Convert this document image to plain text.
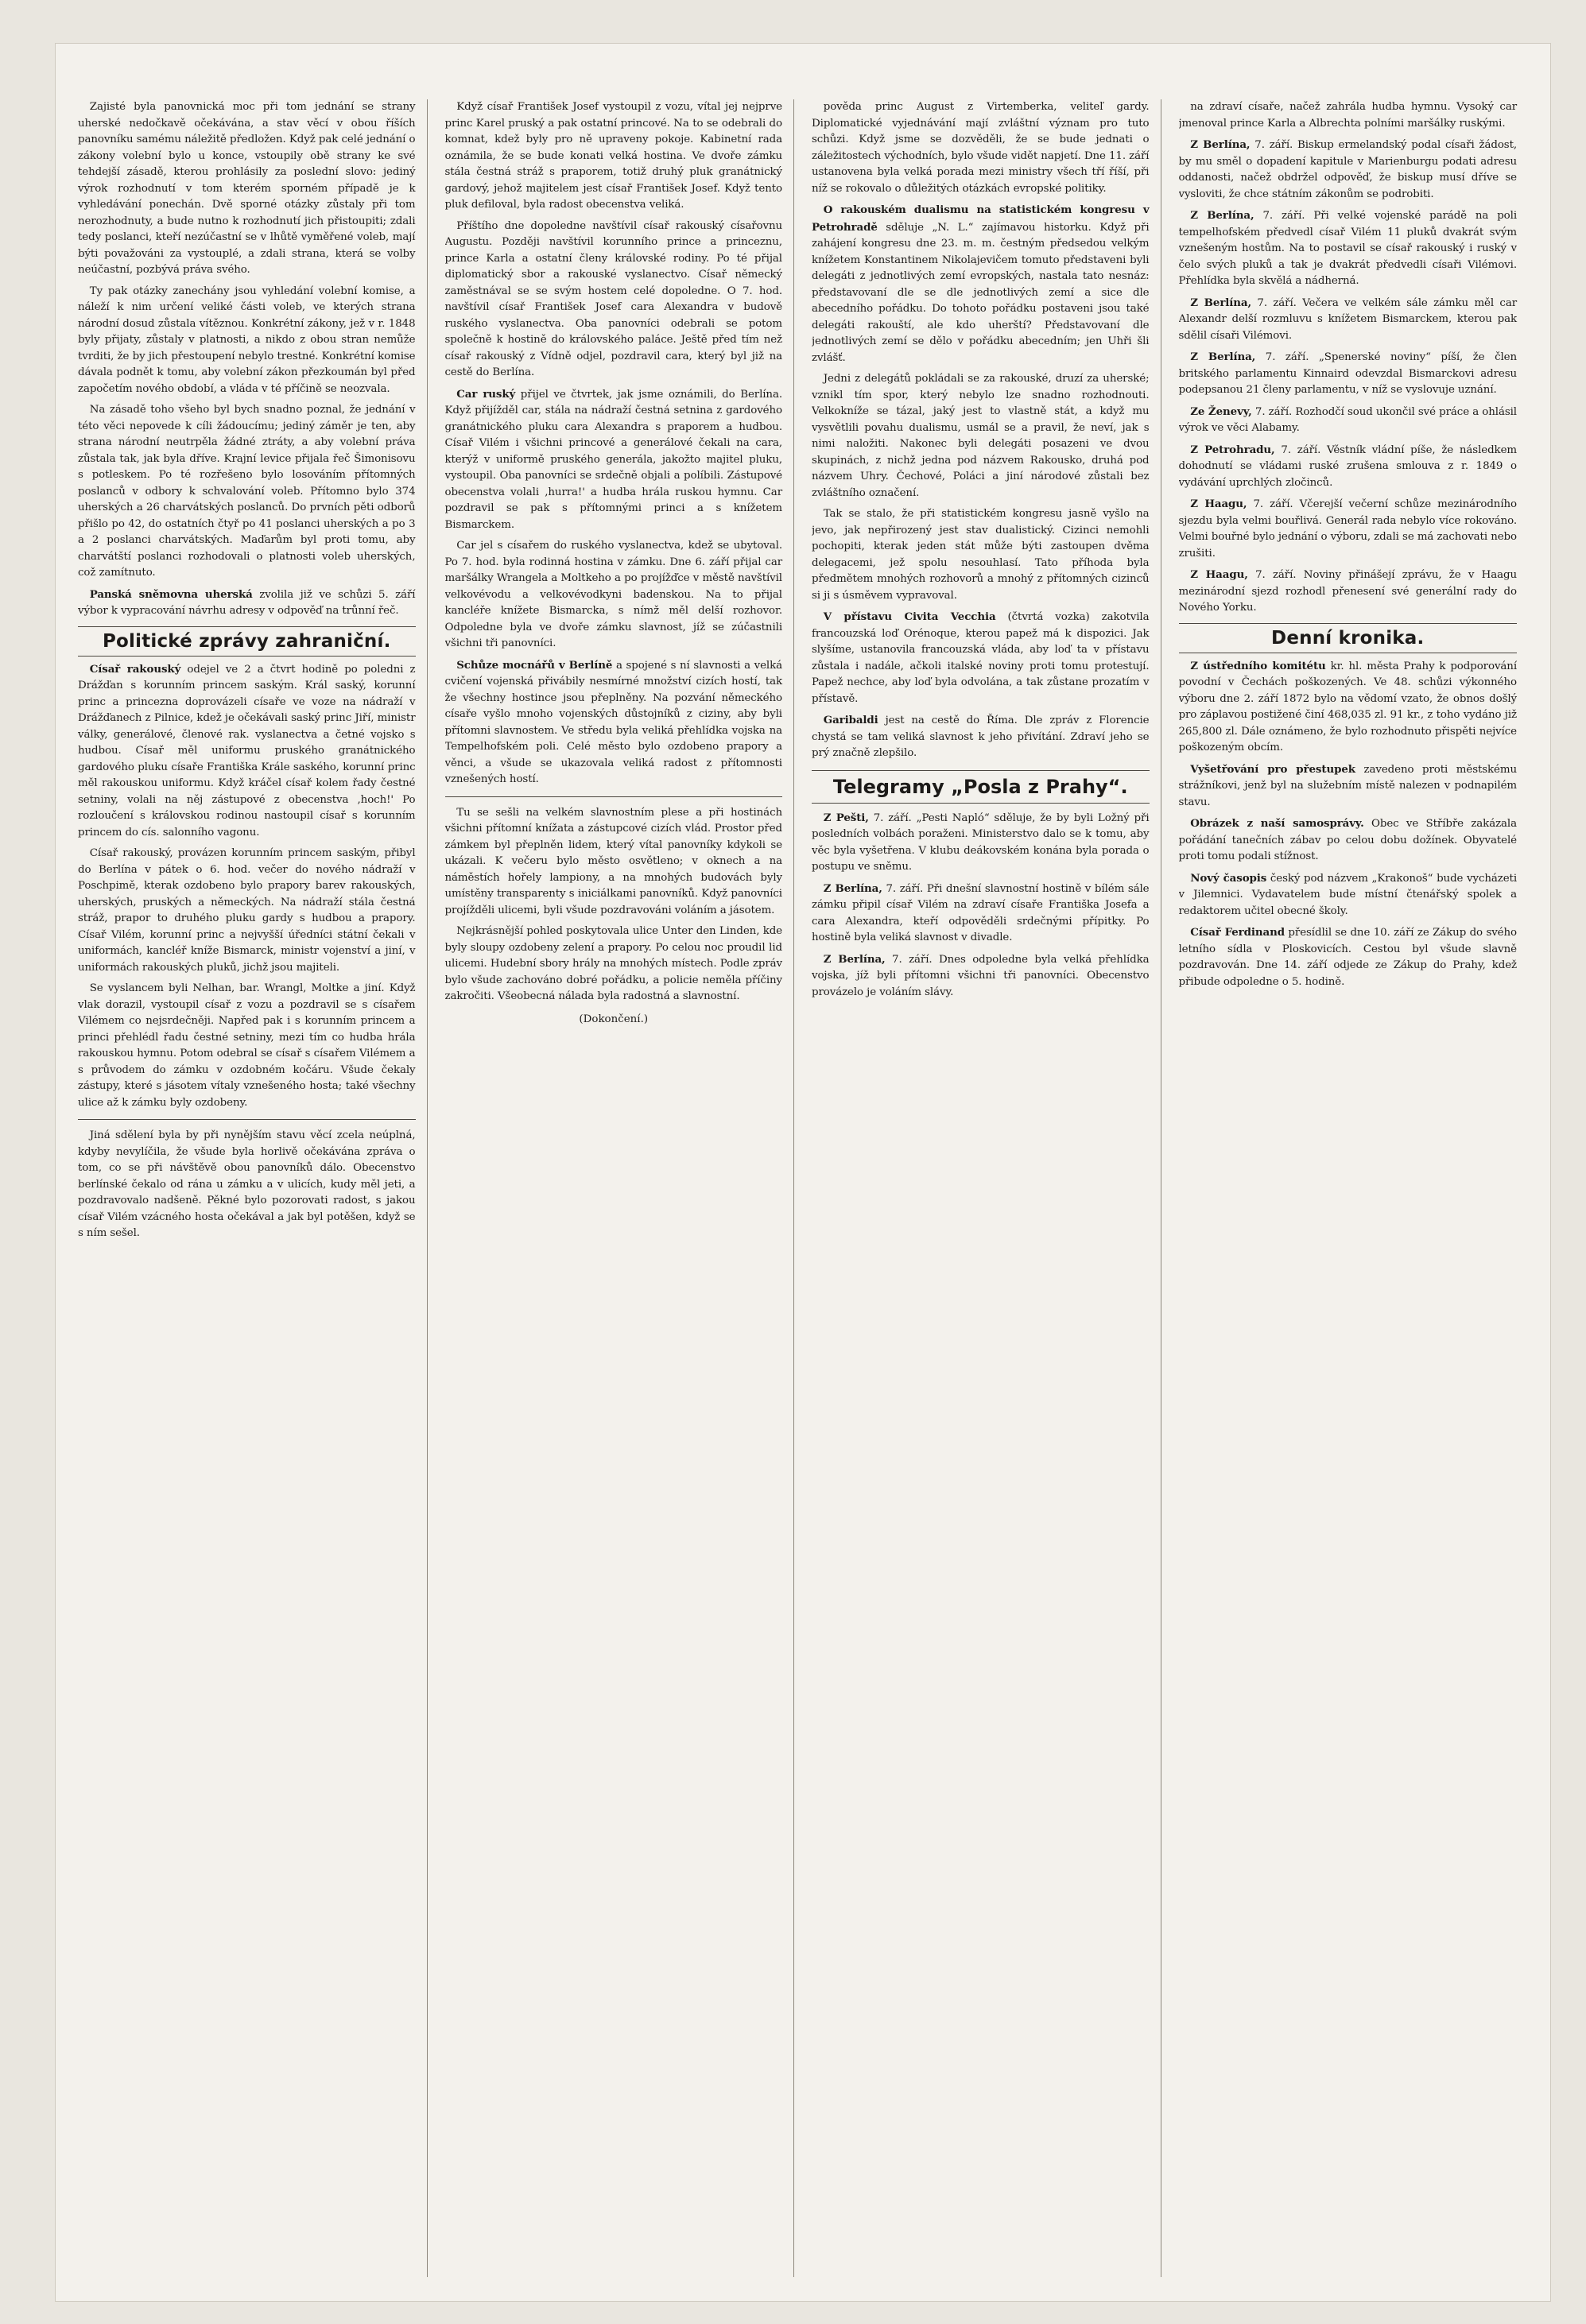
Zajisté byla panovnická moc při tom jednání se strany uherské nedočkavě očekávána, a stav věcí v obou říších panovníku samému náležitě předložen. Když pak celé jednání o zákony volební bylo u konce, vstoupily obě strany ke své tehdejší zásadě, kterou prohlásily za poslední slovo: jediný výrok rozhodnutí v tom kterém sporném případě je k vyhledávání ponechán. Dvě sporné otázky zůstaly při tom nerozhodnuty, a bude nutno k rozhodnutí jich přistoupiti; zdali tedy poslanci, kteří nezúčastní se v lhůtě vyměřené voleb, mají býti považováni za vystouplé, a zdali strana, která se volby neúčastní, pozbývá práva svého.

Ty pak otázky zanechány jsou vyhledání volební komise, a náleží k nim určení veliké části voleb, ve kterých strana národní dosud zůstala vítěznou. Konkrétní zákony, jež v r. 1848 byly přijaty, zůstaly v platnosti, a nikdo z obou stran nemůže tvrditi, že by jich přestoupení nebylo trestné. Konkrétní komise dávala podnět k tomu, aby volební zákon přezkoumán byl před započetím nového období, a vláda v té příčině se neozvala.

Na zásadě toho všeho byl bych snadno poznal, že jednání v této věci nepovede k cíli žádoucímu; jediný záměr je ten, aby strana národní neutrpěla žádné ztráty, a aby volební práva zůstala tak, jak byla dříve. Krajní levice přijala řeč Šimonisovu s potleskem. Po té rozřešeno bylo losováním přítomných poslanců v odbory k schvalování voleb. Přítomno bylo 374 uherských a 26 charvátských poslanců. Do prvních pěti odborů přišlo po 42, do ostatních čtyř po 41 poslanci uherských a po 3 a 2 poslanci charvátských. Maďarům byl proti tomu, aby charvátští poslanci rozhodovali o platnosti voleb uherských, což zamítnuto.

Panská sněmovna uherská zvolila již ve schůzi 5. září výbor k vypracování návrhu adresy v odpověď na trůnní řeč.

Politické zprávy zahraniční.

Císař rakouský odejel ve 2 a čtvrt hodině po poledni z Drážďan s korunním princem saským. Král saský, korunní princ a princezna doprovázeli císaře ve voze na nádraží v Drážďanech z Pilnice, kdež je očekávali saský princ Jiří, ministr války, generálové, členové rak. vyslanectva a četné vojsko s hudbou. Císař měl uniformu pruského granátnického gardového pluku císaře Františka Krále saského, korunní princ měl rakouskou uniformu. Když kráčel císař kolem řady čestné setniny, volali na něj zástupové z obecenstva ,hoch!' Po rozloučení s královskou rodinou nastoupil císař s korunním princem do cís. salonního vagonu.

Císař rakouský, provázen korunním princem saským, přibyl do Berlína v pátek o 6. hod. večer do nového nádraží v Poschpimě, kterak ozdobeno bylo prapory barev rakouských, uherských, pruských a německých. Na nádraží stála čestná stráž, prapor to druhého pluku gardy s hudbou a prapory. Císař Vilém, korunní princ a nejvyšší úředníci státní čekali v uniformách, kancléř kníže Bismarck, ministr vojenství a jiní, v uniformách rakouských pluků, jichž jsou majiteli.

Se vyslancem byli Nelhan, bar. Wrangl, Moltke a jiní. Když vlak dorazil, vystoupil císař z vozu a pozdravil se s císařem Vilémem co nejsrdečněji. Napřed pak i s korunním princem a princi přehlédl řadu čestné setniny, mezi tím co hudba hrála rakouskou hymnu. Potom odebral se císař s císařem Vilémem a s průvodem do zámku v ozdobném kočáru. Všude čekaly zástupy, které s jásotem vítaly vznešeného hosta; také všechny ulice až k zámku byly ozdobeny.

Jiná sdělení byla by při nynějším stavu věcí zcela neúplná, kdyby nevylíčila, že všude byla horlivě očekávána zpráva o tom, co se při návštěvě obou panovníků dálo. Obecenstvo berlínské čekalo od rána u zámku a v ulicích, kudy měl jeti, a pozdravovalo nadšeně. Pěkné bylo pozorovati radost, s jakou císař Vilém vzácného hosta očekával a jak byl potěšen, když se s ním sešel.

Když císař František Josef vystoupil z vozu, vítal jej nejprve princ Karel pruský a pak ostatní princové. Na to se odebrali do komnat, kdež byly pro ně upraveny pokoje. Kabinetní rada oznámila, že se bude konati velká hostina. Ve dvoře zámku stála čestná stráž s praporem, totiž druhý pluk granátnický gardový, jehož majitelem jest císař František Josef. Když tento pluk defiloval, byla radost obecenstva veliká.

Příštího dne dopoledne navštívil císař rakouský císařovnu Augustu. Později navštívil korunního prince a princeznu, prince Karla a ostatní členy královské rodiny. Po té přijal diplomatický sbor a rakouské vyslanectvo. Císař německý zaměstnával se se svým hostem celé dopoledne. O 7. hod. navštívil císař František Josef cara Alexandra v budově ruského vyslanectva. Oba panovníci odebrali se potom společně k hostině do královského paláce. Ještě před tím než císař rakouský z Vídně odjel, pozdravil cara, který byl již na cestě do Berlína.

Car ruský přijel ve čtvrtek, jak jsme oznámili, do Berlína. Když přijížděl car, stála na nádraží čestná setnina z gardového granátnického pluku cara Alexandra s praporem a hudbou. Císař Vilém i všichni princové a generálové čekali na cara, kterýž v uniformě pruského generála, jakožto majitel pluku, vystoupil. Oba panovníci se srdečně objali a políbili. Zástupové obecenstva volali ,hurra!' a hudba hrála ruskou hymnu. Car pozdravil se pak s přítomnými princi a s knížetem Bismarckem.

Car jel s císařem do ruského vyslanectva, kdež se ubytoval. Po 7. hod. byla rodinná hostina v zámku. Dne 6. září přijal car maršálky Wrangela a Moltkeho a po projížďce v městě navštívil velkovévodu a velkovévodkyni badenskou. Na to přijal kancléře knížete Bismarcka, s nímž měl delší rozhovor. Odpoledne byla ve dvoře zámku slavnost, jíž se zúčastnili všichni tři panovníci.

Schůze mocnářů v Berlíně a spojené s ní slavnosti a velká cvičení vojenská přivábily nesmírné množství cizích hostí, tak že všechny hostince jsou přeplněny. Na pozvání německého císaře vyšlo mnoho vojenských důstojníků z ciziny, aby byli přítomni slavnostem. Ve středu byla veliká přehlídka vojska na Tempelhofském poli. Celé město bylo ozdobeno prapory a věnci, a všude se ukazovala veliká radost z přítomnosti vznešených hostí.

Tu se sešli na velkém slavnostním plese a při hostinách všichni přítomní knížata a zástupcové cizích vlád. Prostor před zámkem byl přeplněn lidem, který vítal panovníky kdykoli se ukázali. K večeru bylo město osvětleno; v oknech a na náměstích hořely lampiony, a na mnohých budovách byly umístěny transparenty s iniciálkami panovníků. Když panovníci projížděli ulicemi, byli všude pozdravováni voláním a jásotem.

Nejkrásnější pohled poskytovala ulice Unter den Linden, kde byly sloupy ozdobeny zelení a prapory. Po celou noc proudil lid ulicemi. Hudební sbory hrály na mnohých místech. Podle zpráv bylo všude zachováno dobré pořádku, a policie neměla příčiny zakročiti. Všeobecná nálada byla radostná a slavnostní.

(Dokončení.)

pověda princ August z Virtemberka, veliteľ gardy. Diplomatické vyjednávání mají zvláštní význam pro tuto schůzi. Když jsme se dozvěděli, že se bude jednati o záležitostech východních, bylo všude vidět napjetí. Dne 11. září ustanovena byla velká porada mezi ministry všech tří říší, při níž se rokovalo o důležitých otázkách evropské politiky.

O rakouském dualismu na statistickém kongresu v Petrohradě sděluje „N. L.“ zajímavou historku. Když při zahájení kongresu dne 23. m. m. čestným předsedou velkým knížetem Konstantinem Nikolajevičem tomuto představeni byli delegáti z jednotlivých zemí evropských, nastala tato nesnáz: představovaní dle se dle jednotlivých zemí a sice dle abecedního pořádku. Do tohoto pořádku postaveni jsou také delegáti rakouští, ale kdo uherští? Představovaní dle jednotlivých zemí se dělo v pořádku abecedním; jen Uhři šli zvlášť.

Jedni z delegátů pokládali se za rakouské, druzí za uherské; vznikl tím spor, který nebylo lze snadno rozhodnouti. Velkokníže se tázal, jaký jest to vlastně stát, a když mu vysvětlili povahu dualismu, usmál se a pravil, že neví, jak s nimi naložiti. Nakonec byli delegáti posazeni ve dvou skupinách, z nichž jedna pod názvem Rakousko, druhá pod názvem Uhry. Čechové, Poláci a jiní národové zůstali bez zvláštního označení.

Tak se stalo, že při statistickém kongresu jasně vyšlo na jevo, jak nepřirozený jest stav dualistický. Cizinci nemohli pochopiti, kterak jeden stát může býti zastoupen dvěma delegacemi, jež spolu nesouhlasí. Tato příhoda byla předmětem mnohých rozhovorů a mnohý z přítomných cizinců si ji s úsměvem vypravoval.

V přístavu Civita Vecchia (čtvrtá vozka) zakotvila francouzská loď Orénoque, kterou papež má k dispozici. Jak slyšíme, ustanovila francouzská vláda, aby loď ta v přístavu zůstala i nadále, ačkoli italské noviny proti tomu protestují. Papež nechce, aby loď byla odvolána, a tak zůstane prozatím v přístavě.

Garibaldi jest na cestě do Říma. Dle zpráv z Florencie chystá se tam veliká slavnost k jeho přivítání. Zdraví jeho se prý značně zlepšilo.

Telegramy „Posla z Prahy“.

Z Pešti, 7. září. „Pesti Napló“ sděluje, že by byli Ložný při posledních volbách poraženi. Ministerstvo dalo se k tomu, aby věc byla vyšetřena. V klubu deákovském konána byla porada o postupu ve sněmu.

Z Berlína, 7. září. Při dnešní slavnostní hostině v bílém sále zámku připil císař Vilém na zdraví císaře Františka Josefa a cara Alexandra, kteří odpověděli srdečnými přípitky. Po hostině byla veliká slavnost v divadle.

Z Berlína, 7. září. Dnes odpoledne byla velká přehlídka vojska, jíž byli přítomni všichni tři panovníci. Obecenstvo provázelo je voláním slávy.

na zdraví císaře, načež zahrála hudba hymnu. Vysoký car jmenoval prince Karla a Albrechta polními maršálky ruskými.

Z Berlína, 7. září. Biskup ermelandský podal císaři žádost, by mu směl o dopadení kapitule v Marienburgu podati adresu oddanosti, načež obdržel odpověď, že biskup musí dříve se vysloviti, že chce státním zákonům se podrobiti.

Z Berlína, 7. září. Při velké vojenské parádě na poli tempelhofském předvedl císař Vilém 11 pluků dvakrát svým vznešeným hostům. Na to postavil se císař rakouský i ruský v čelo svých pluků a tak je dvakrát předvedli císaři Vilémovi. Přehlídka byla skvělá a nádherná.

Z Berlína, 7. září. Večera ve velkém sále zámku měl car Alexandr delší rozmluvu s knížetem Bismarckem, kterou pak sdělil císaři Vilémovi.

Z Berlína, 7. září. „Spenerské noviny“ píší, že člen britského parlamentu Kinnaird odevzdal Bismarckovi adresu podepsanou 21 členy parlamentu, v níž se vyslovuje uznání.

Ze Ženevy, 7. září. Rozhodčí soud ukončil své práce a ohlásil výrok ve věci Alabamy.

Z Petrohradu, 7. září. Věstník vládní píše, že následkem dohodnutí se vládami ruské zrušena smlouva z r. 1849 o vydávání uprchlých zločinců.

Z Haagu, 7. září. Včerejší večerní schůze mezinárodního sjezdu byla velmi bouřlivá. Generál rada nebylo více rokováno. Velmi bouřné bylo jednání o výboru, zdali se má zachovati nebo zrušiti.

Z Haagu, 7. září. Noviny přinášejí zprávu, že v Haagu mezinárodní sjezd rozhodl přenesení své generální rady do Nového Yorku.

Denní kronika.

Z ústředního komitétu kr. hl. města Prahy k podporování povodní v Čechách poškozených. Ve 48. schůzi výkonného výboru dne 2. září 1872 bylo na vědomí vzato, že obnos došlý pro záplavou postižené činí 468,035 zl. 91 kr., z toho vydáno již 265,800 zl. Dále oznámeno, že bylo rozhodnuto přispěti nejvíce poškozeným obcím.

Vyšetřování pro přestupek zavedeno proti městskému strážníkovi, jenž byl na služebním místě nalezen v podnapilém stavu.

Obrázek z naší samosprávy. Obec ve Stříbře zakázala pořádání tanečních zábav po celou dobu dožínek. Obyvatelé proti tomu podali stížnost.

Nový časopis český pod názvem „Krakonoš“ bude vycházeti v Jilemnici. Vydavatelem bude místní čtenářský spolek a redaktorem učitel obecné školy.

Císař Ferdinand přesídlil se dne 10. září ze Zákup do svého letního sídla v Ploskovicích. Cestou byl všude slavně pozdravován. Dne 14. září odjede ze Zákup do Prahy, kdež přibude odpoledne o 5. hodině.
